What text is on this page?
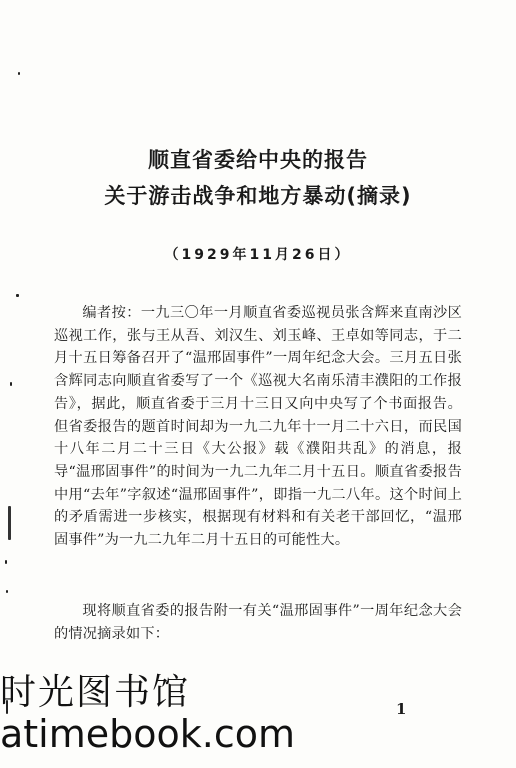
顺直省委给中央的报告
关于游击战争和地方暴动(摘录)
（1929年11月26日）
编者按：一九三〇年一月顺直省委巡视员张含辉来直南沙区巡视工作，张与王从吾、刘汉生、刘玉峰、王卓如等同志，于二月十五日筹备召开了“温邢固事件”一周年纪念大会。三月五日张含辉同志向顺直省委写了一个《巡视大名南乐清丰濮阳的工作报告》，据此，顺直省委于三月十三日又向中央写了个书面报告。但省委报告的题首时间却为一九二九年十一月二十六日，而民国十八年二月二十三日《大公报》载《濮阳共乱》的消息，报导“温邢固事件”的时间为一九二九年二月十五日。顺直省委报告中用“去年”字叙述“温邢固事件”，即指一九二八年。这个时间上的矛盾需进一步核实，根据现有材料和有关老干部回忆，“温邢固事件”为一九二九年二月十五日的可能性大。
现将顺直省委的报告附一有关“温邢固事件”一周年纪念大会的情况摘录如下：
时光图书馆
atimebook.com
1
